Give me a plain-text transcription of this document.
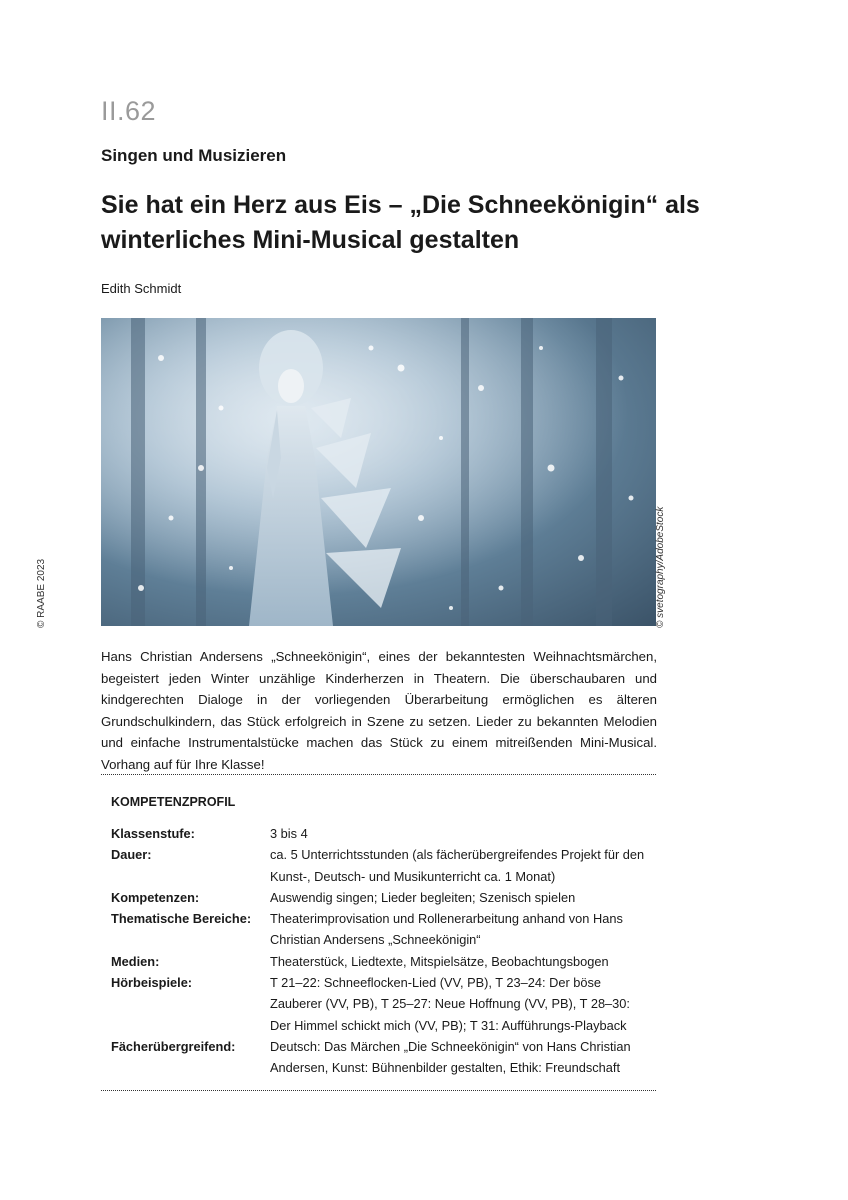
II.62
Singen und Musizieren
Sie hat ein Herz aus Eis – „Die Schneekönigin“ als winterliches Mini-Musical gestalten
Edith Schmidt
© svetography/AdobeStock
© RAABE 2023

Hans Christian Andersens „Schneekönigin“, eines der bekanntesten Weihnachtsmärchen, begeistert jeden Winter unzählige Kinderherzen in Theatern. Die überschaubaren und kindgerechten Dialoge in der vorliegenden Überarbeitung ermöglichen es älteren Grundschulkindern, das Stück erfolgreich in Szene zu setzen. Lieder zu bekannten Melodien und einfache Instrumentalstücke machen das Stück zu einem mitreißenden Mini-Musical. Vorhang auf für Ihre Klasse!

KOMPETENZPROFIL
Klassenstufe:	3 bis 4
Dauer:	ca. 5 Unterrichtsstunden (als fächerübergreifendes Projekt für den Kunst-, Deutsch- und Musikunterricht ca. 1 Monat)
Kompetenzen:	Auswendig singen; Lieder begleiten; Szenisch spielen
Thematische Bereiche:	Theaterimprovisation und Rollenerarbeitung anhand von Hans Christian Andersens „Schneekönigin“
Medien:	Theaterstück, Liedtexte, Mitspielsätze, Beobachtungsbogen
Hörbeispiele:	T 21–22: Schneeflocken-Lied (VV, PB), T 23–24: Der böse Zauberer (VV, PB), T 25–27: Neue Hoffnung (VV, PB), T 28–30: Der Himmel schickt mich (VV, PB); T 31: Aufführungs-Playback
Fächerübergreifend:	Deutsch: Das Märchen „Die Schneekönigin“ von Hans Christian Andersen, Kunst: Bühnenbilder gestalten, Ethik: Freundschaft
